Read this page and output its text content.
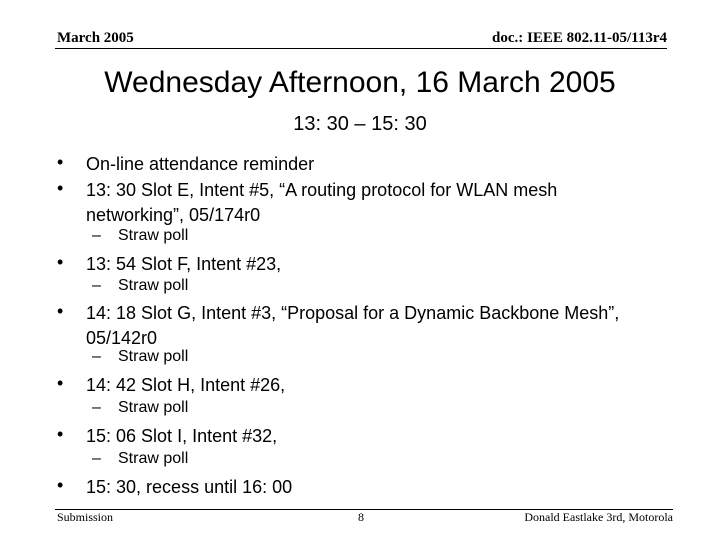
March 2005	doc.: IEEE 802.11-05/113r4
Wednesday Afternoon, 16 March 2005
13: 30 – 15: 30
• On-line attendance reminder
• 13: 30 Slot E, Intent #5, “A routing protocol for WLAN mesh networking”, 05/174r0
– Straw poll
• 13: 54 Slot F, Intent #23,
– Straw poll
• 14: 18 Slot G, Intent #3, “Proposal for a Dynamic Backbone Mesh”, 05/142r0
– Straw poll
• 14: 42 Slot H, Intent #26,
– Straw poll
• 15: 06 Slot I, Intent #32,
– Straw poll
• 15: 30, recess until 16: 00
Submission	8	Donald Eastlake 3rd, Motorola
